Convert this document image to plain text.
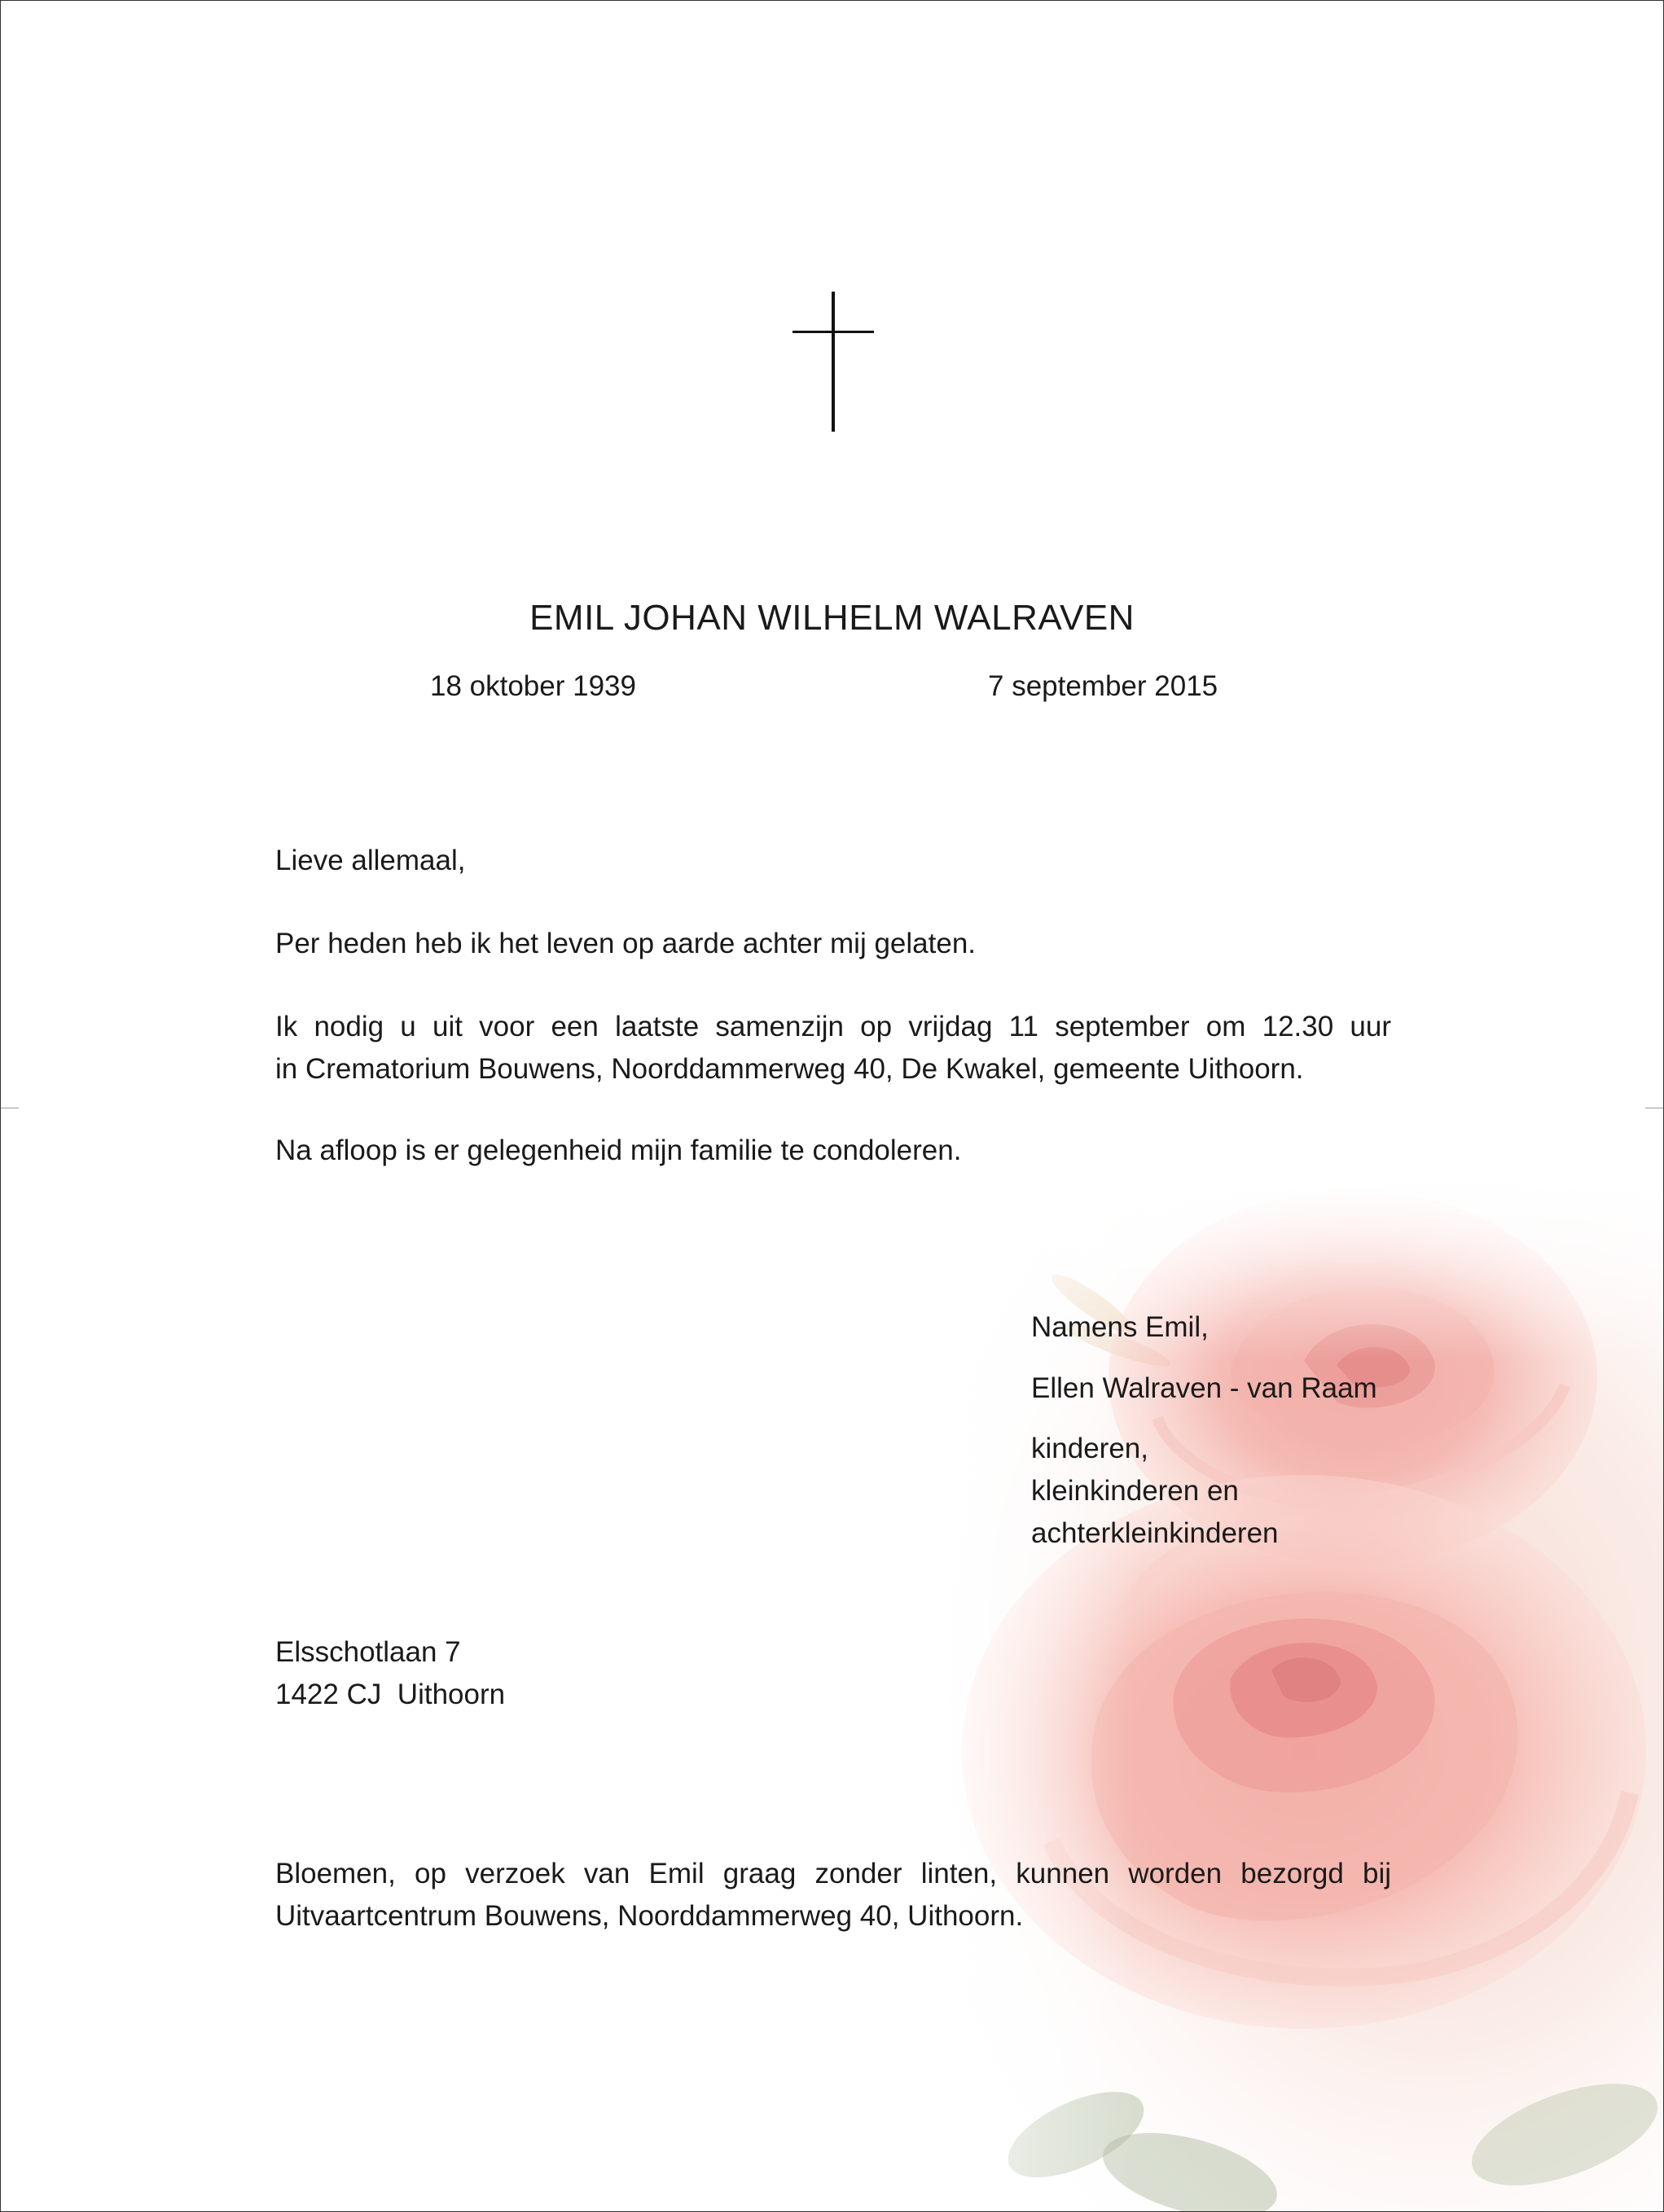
EMIL JOHAN WILHELM WALRAVEN
18 oktober 1939	7 september 2015
Lieve allemaal,
Per heden heb ik het leven op aarde achter mij gelaten.
Ik nodig u uit voor een laatste samenzijn op vrijdag 11 september om 12.30 uur
in Crematorium Bouwens, Noorddammerweg 40, De Kwakel, gemeente Uithoorn.
Na afloop is er gelegenheid mijn familie te condoleren.
Namens Emil,
Ellen Walraven - van Raam
kinderen,
kleinkinderen en
achterkleinkinderen
Elsschotlaan 7
1422 CJ  Uithoorn
Bloemen, op verzoek van Emil graag zonder linten, kunnen worden bezorgd bij
Uitvaartcentrum Bouwens, Noorddammerweg 40, Uithoorn.
